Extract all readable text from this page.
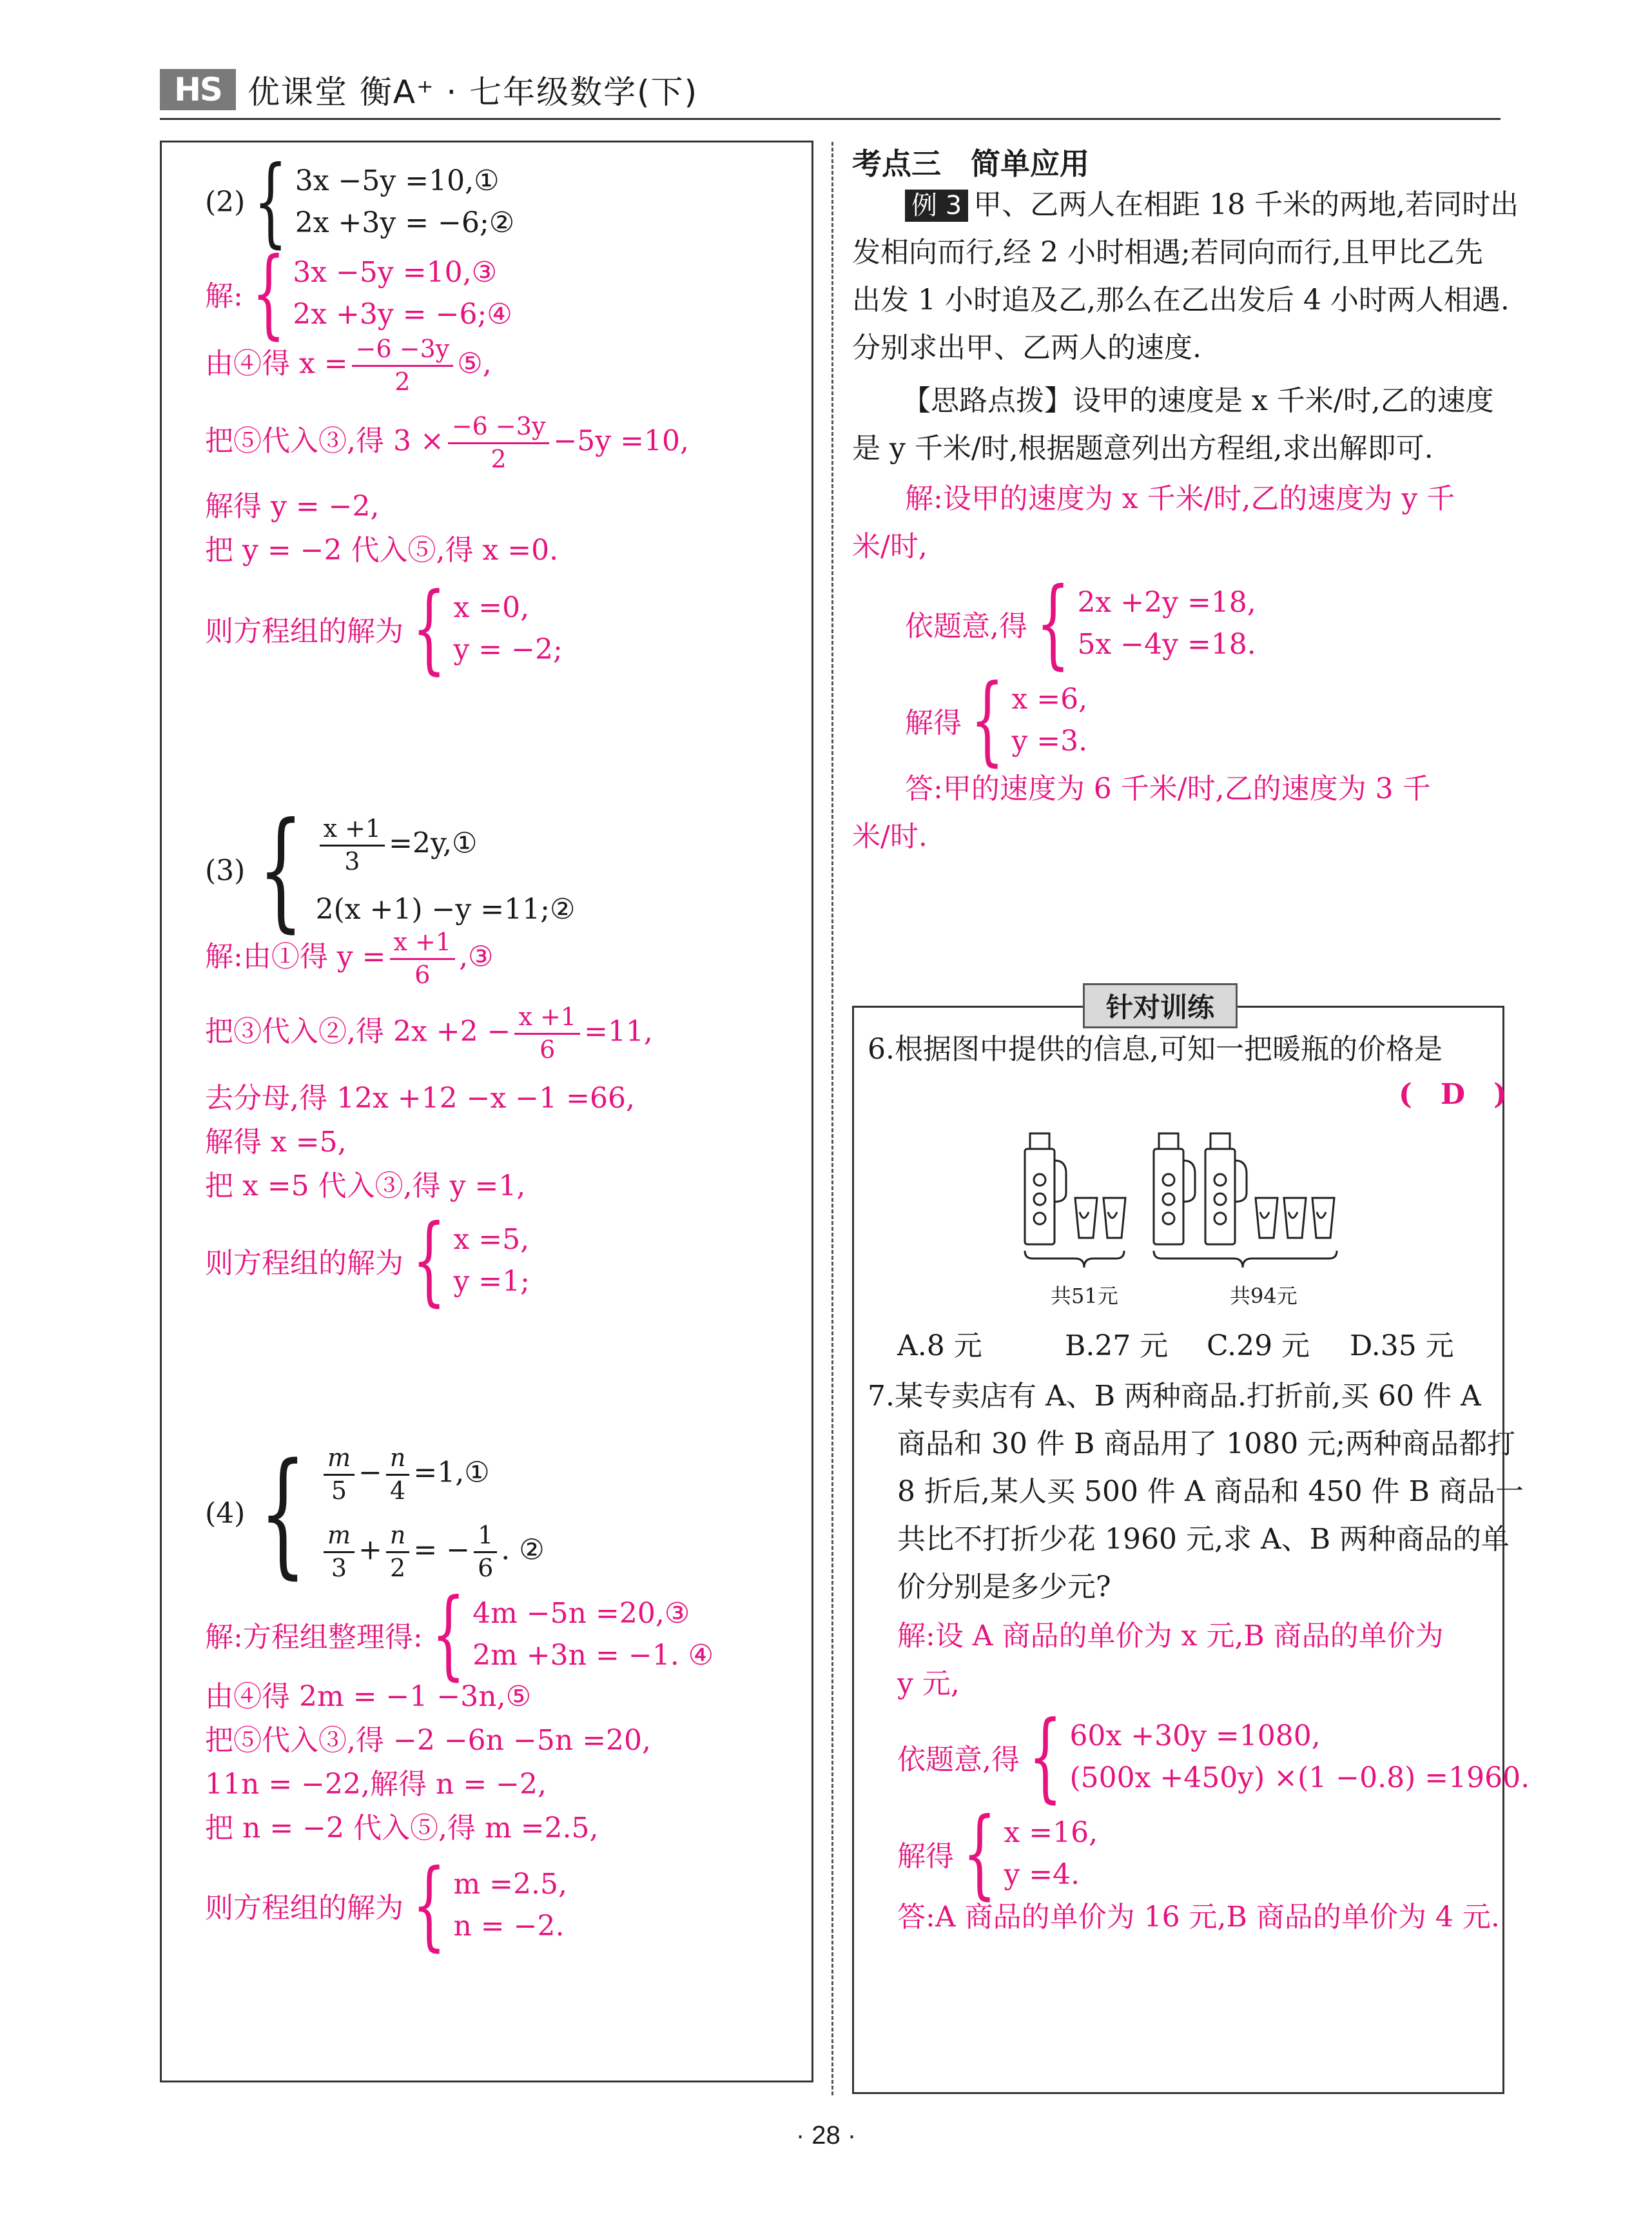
HS 优课堂 衡A⁺ · 七年级数学(下)
(2) { 3x −5y =10,①
2x +3y = −6;②
解: { 3x −5y =10,③
2x +3y = −6;④
由④得 $x = \frac{-6 -3y}{2}$ ⑤,
把⑤代入③,得 $3 \times \frac{-6 -3y}{2} -5y =10$,
解得 y = −2,
把 y = −2 代入⑤,得 x =0.
则方程组的解为 { x =0,
y = −2;
(3) { $\frac{x +1}{3}$ =2y,①
2(x +1) −y =11;②
解:由①得 $y = \frac{x +1}{6}$ ,③
把③代入②,得 $2x +2 - \frac{x +1}{6} =11$,
去分母,得 12x +12 −x −1 =66,
解得 x =5,
把 x =5 代入③,得 y =1,
则方程组的解为 { x =5,
y =1;
(4) { $\frac{m}{5} - \frac{n}{4}$ =1,①
$\frac{m}{3} + \frac{n}{2}$ = − $\frac{1}{6}$ . ②
解:方程组整理得: { 4m −5n =20,③
2m +3n = −1. ④
由④得 2m = −1 −3n,⑤
把⑤代入③,得 −2 −6n −5n =20,
11n = −22,解得 n = −2,
把 n = −2 代入⑤,得 m =2.5,
则方程组的解为 { m =2.5,
n = −2.
考点三　简单应用
例 3 甲、乙两人在相距 18 千米的两地,若同时出
发相向而行,经 2 小时相遇;若同向而行,且甲比乙先
出发 1 小时追及乙,那么在乙出发后 4 小时两人相遇.
分别求出甲、乙两人的速度.
【思路点拨】设甲的速度是 x 千米/时,乙的速度
是 y 千米/时,根据题意列出方程组,求出解即可.
解:设甲的速度为 x 千米/时,乙的速度为 y 千
米/时,
依题意,得 { 2x +2y =18,
5x −4y =18.
解得 { x =6,
y =3.
答:甲的速度为 6 千米/时,乙的速度为 3 千
米/时.
针对训练
6.根据图中提供的信息,可知一把暖瓶的价格是
(　D　)
共51元	共94元
A.8 元	B.27 元 C.29 元 D.35 元
7.某专卖店有 A、B 两种商品.打折前,买 60 件 A
商品和 30 件 B 商品用了 1080 元;两种商品都打
8 折后,某人买 500 件 A 商品和 450 件 B 商品一
共比不打折少花 1960 元,求 A、B 两种商品的单
价分别是多少元?
解:设 A 商品的单价为 x 元,B 商品的单价为
y 元,
依题意,得 { 60x +30y =1080,
(500x +450y) ×(1 −0.8) =1960.
解得 { x =16,
y =4.
答:A 商品的单价为 16 元,B 商品的单价为 4 元.
· 28 ·
